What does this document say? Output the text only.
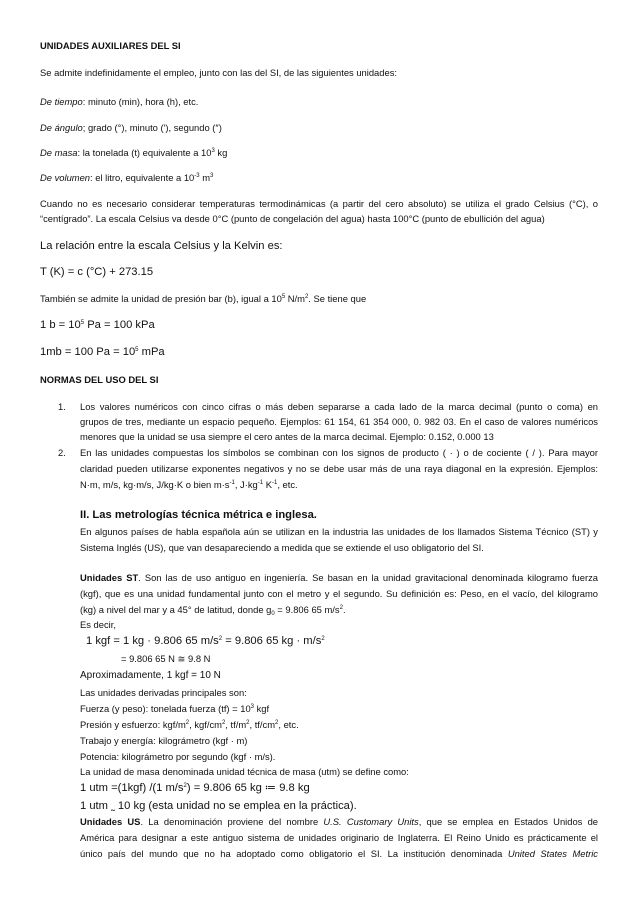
UNIDADES AUXILIARES DEL SI
Se admite indefinidamente el empleo, junto con las del SI, de las siguientes unidades:
De tiempo: minuto (min), hora (h), etc.
De ángulo; grado (°), minuto (′), segundo (″)
De masa: la tonelada (t) equivalente a $10^3$ kg
De volumen: el litro, equivalente a $10^{-3}$ $m^3$
Cuando no es necesario considerar temperaturas termodinámicas (a partir del cero absoluto) se utiliza el grado Celsius (°C), o
“centígrado”. La escala Celsius va desde 0°C (punto de congelación del agua) hasta 100°C (punto de ebullición del agua)
La relación entre la escala Celsius y la Kelvin es:
T (K) = c (°C) + 273.15
También se admite la unidad de presión bar (b), igual a $10^5$ $N/m^2$. Se tiene que
1 $b = 10^5$ Pa = 100 kPa
1mb = 100 $Pa = 10^5$ mPa
NORMAS DEL USO DEL SI
1. Los valores numéricos con cinco cifras o más deben separarse a cada lado de la marca decimal (punto o coma) en
grupos de tres, mediante un espacio pequeño. Ejemplos: 61 154, 61 354 000, 0. 982 03. En el caso de valores numéricos
menores que la unidad se usa siempre el cero antes de la marca decimal. Ejemplo: 0.152, 0.000 13
2. En las unidades compuestas los símbolos se combinan con los signos de producto ( · ) o de cociente ( / ). Para mayor
claridad pueden utilizarse exponentes negativos y no se debe usar más de una raya diagonal en la expresión. Ejemplos:
N·m, m/s, kg·m/s, J/kg·K o bien $m\cdot s^{-1}$, $J\cdot kg^{-1}$ $K^{-1}$, etc.
II. Las metrologías técnica métrica e inglesa.
En algunos países de habla española aún se utilizan en la industria las unidades de los llamados Sistema Técnico (ST) y
Sistema Inglés (US), que van desapareciendo a medida que se extiende el uso obligatorio del SI.
Unidades ST. Son las de uso antiguo en ingeniería. Se basan en la unidad gravitacional denominada kilogramo fuerza
(kgf), que es una unidad fundamental junto con el metro y el segundo. Su definición es: Peso, en el vacío, del kilogramo
(kg) a nivel del mar y a 45° de latitud, donde $g_0 = 9.806$ 65 $m/s^2$.
Es decir,
1 kgf = 1 kg · 9.806 65 $m/s^2 = 9.806$ 65 kg · $m/s^2$
= 9.806 65 N ≅ 9.8 N
Aproximadamente, 1 kgf = 10 N
Las unidades derivadas principales son:
Fuerza (y peso): tonelada fuerza $(tf) = 10^3$ kgf
Presión y esfuerzo: kgf/$m^2$, kgf/$cm^2$, $tf/m^2$, $tf/cm^2$, etc.
Trabajo y energía: kilográmetro (kgf · m)
Potencia: kilográmetro por segundo (kgf · m/s).
La unidad de masa denominada unidad técnica de masa (utm) se define como:
1 utm =(1kgf) /(1 $m/s^2) = 9.806$ 65 kg ≔ 9.8 kg
1 utm ˷ 10 kg (esta unidad no se emplea en la práctica).
Unidades US. La denominación proviene del nombre U.S. Customary Units, que se emplea en Estados Unidos de
América para designar a este antiguo sistema de unidades originario de Inglaterra. El Reino Unido es prácticamente el
único país del mundo que no ha adoptado como obligatorio el SI. La institución denominada United States Metric
